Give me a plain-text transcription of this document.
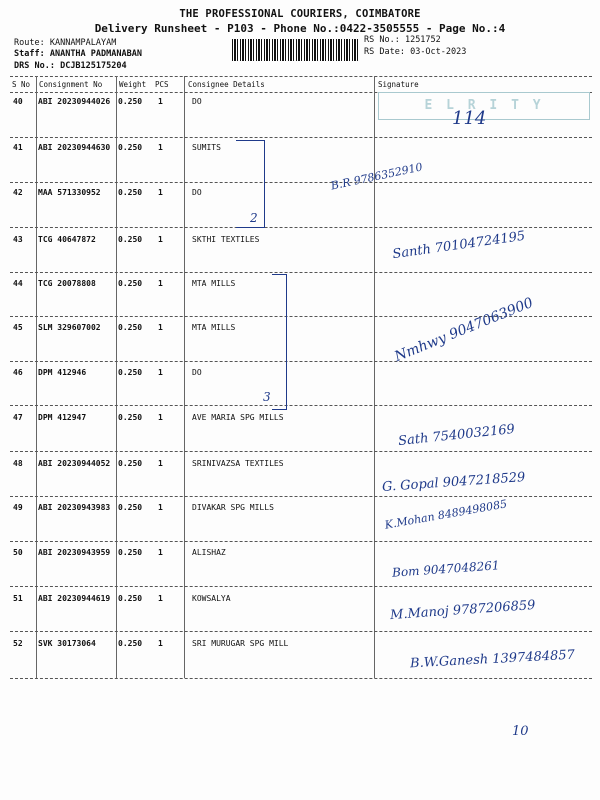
THE PROFESSIONAL COURIERS, COIMBATORE
Delivery Runsheet - P103 - Phone No.:0422-3505555 - Page No.:4
Route: KANNAMPALAYAM
Staff: ANANTHA PADMANABAN
DRS No.: DCJB125175204
RS No.: 1251752
RS Date: 03-Oct-2023
S No Consignment No Weight PCS	Consignee Details	Signature
40 ABI 20230944026 0.250 1	DO
41 ABI 20230944630 0.250 1	SUMITS
42 MAA 571330952 0.250 1	DO
43 TCG 40647872	0.250 1	SKTHI TEXTILES
44 TCG 20078808	0.250 1	MTA MILLS
45 SLM 329607002 0.250 1	MTA MILLS
46 DPM 412946	0.250 1	DO
47 DPM 412947	0.250 1	AVE MARIA SPG MILLS
48 ABI 20230944052 0.250 1	SRINIVAZSA TEXTILES
49 ABI 20230943983 0.250 1	DIVAKAR SPG MILLS
50 ABI 20230943959 0.250 1	ALISHAZ
51 ABI 20230944619 0.250 1	KOWSALYA
52 SVK 30173064	0.250 1	SRI MURUGAR SPG MILL
E L R I T Y
114
B.R 9786352910
2
Santh 70104724195
3
Nmhwy 9047063900
Sath 7540032169
G. Gopal 9047218529
K.Mohan 8489498085
Bom 9047048261
M.Manoj 9787206859
B.W.Ganesh 1397484857
10
